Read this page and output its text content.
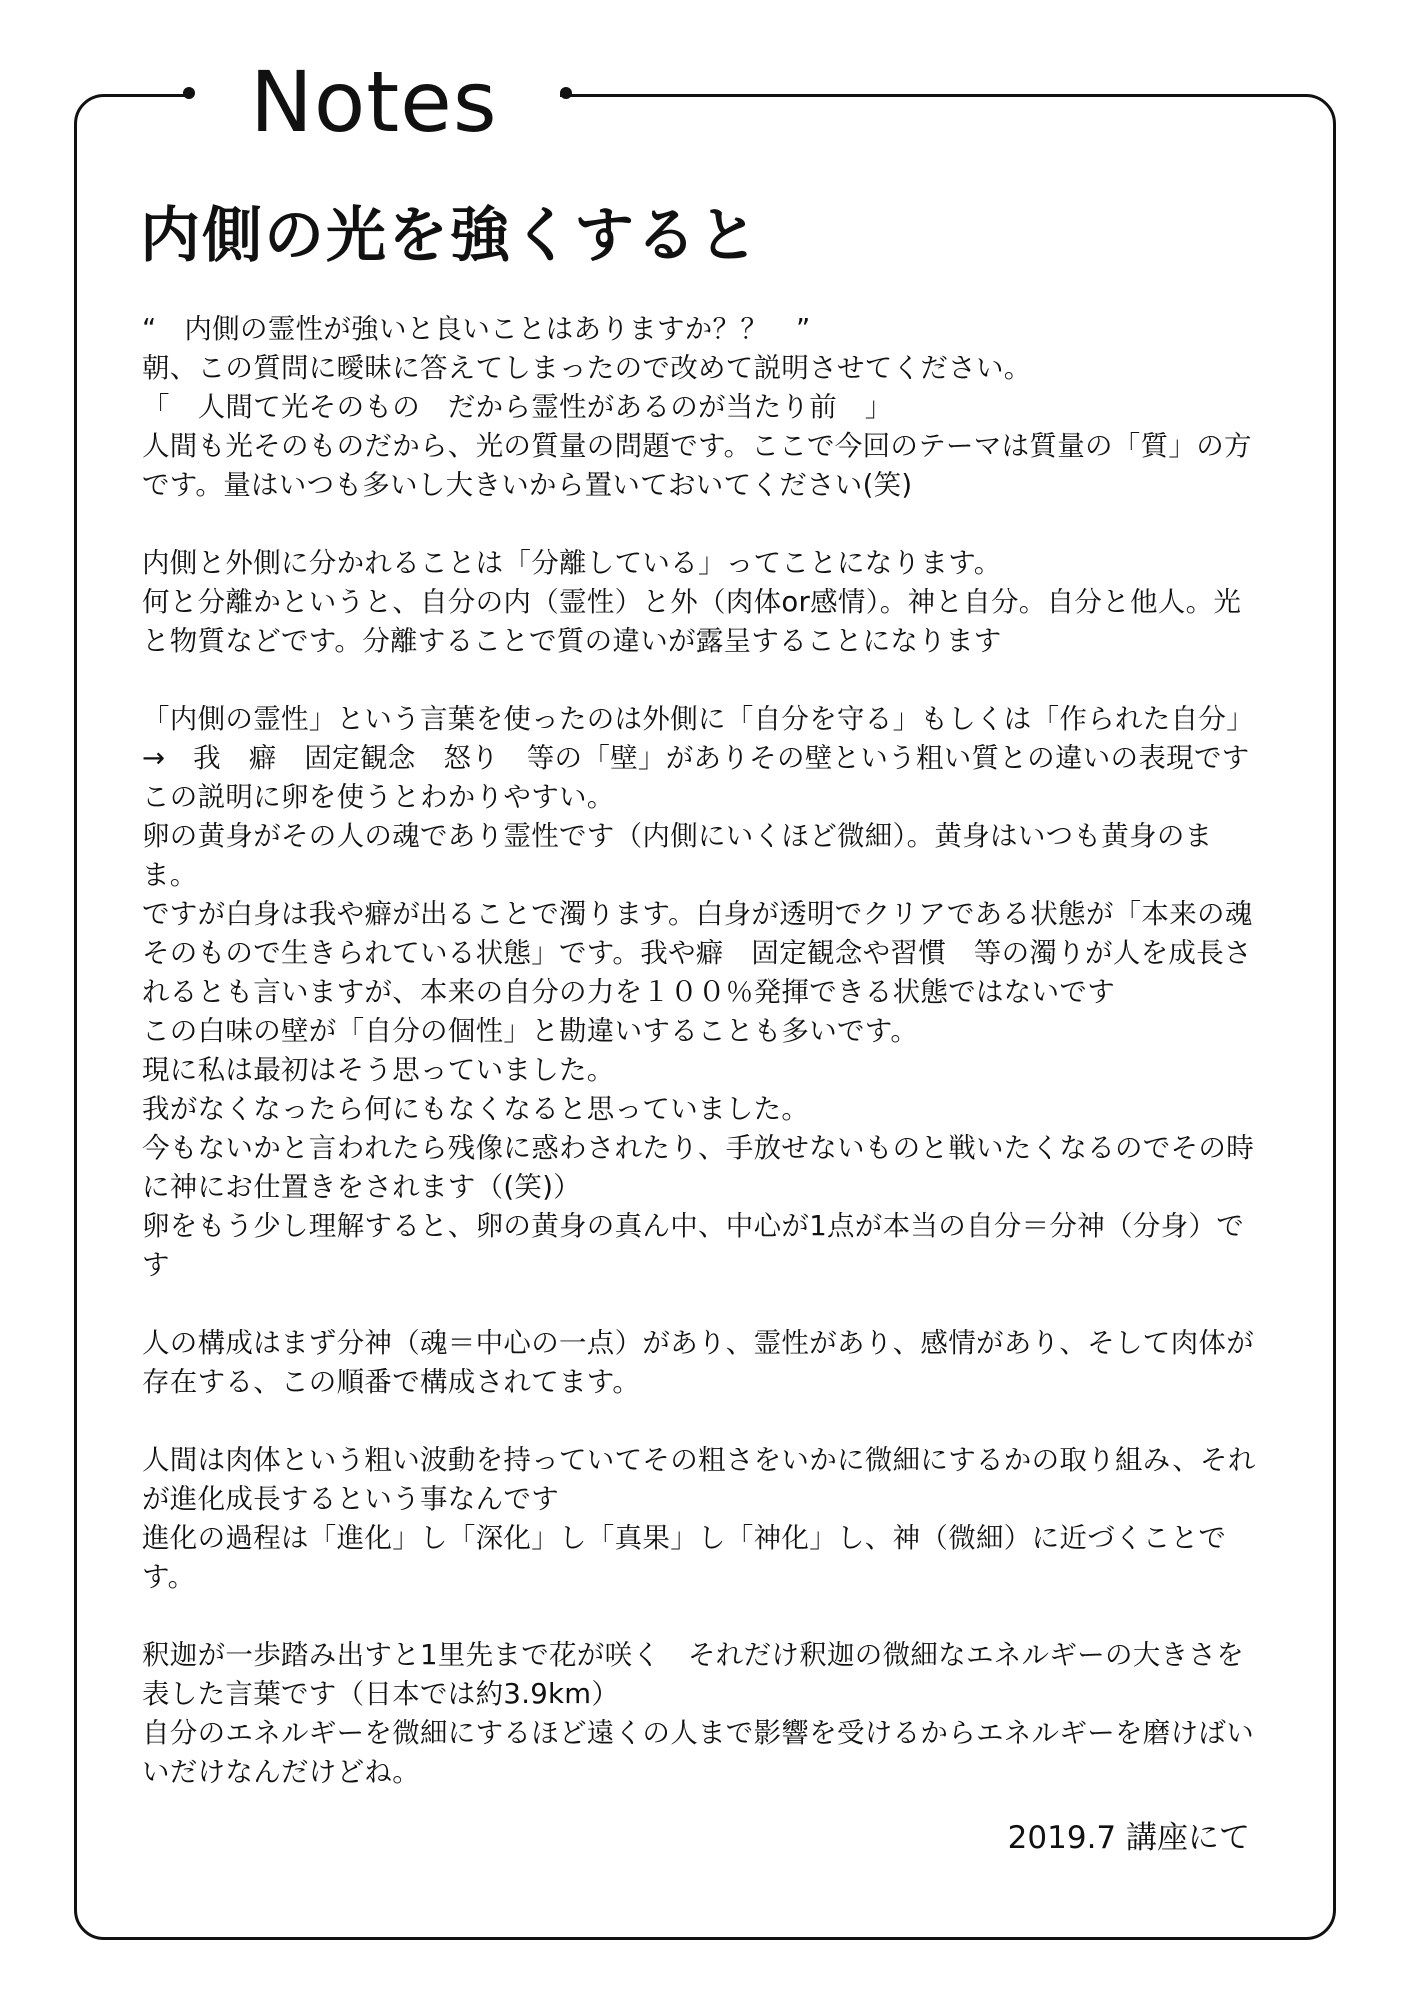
Notes
内側の光を強くすると
“　内側の霊性が強いと良いことはありますか？？　”
朝、この質問に曖昧に答えてしまったので改めて説明させてください。
「　人間て光そのもの　だから霊性があるのが当たり前　」
人間も光そのものだから、光の質量の問題です。ここで今回のテーマは質量の「質」の方
です。量はいつも多いし大きいから置いておいてください(笑)
内側と外側に分かれることは「分離している」ってことになります。
何と分離かというと、自分の内（霊性）と外（肉体or感情）。神と自分。自分と他人。光
と物質などです。分離することで質の違いが露呈することになります
「内側の霊性」という言葉を使ったのは外側に「自分を守る」もしくは「作られた自分」
→　我　癖　固定観念　怒り　等の「壁」がありその壁という粗い質との違いの表現です
この説明に卵を使うとわかりやすい。
卵の黄身がその人の魂であり霊性です（内側にいくほど微細）。黄身はいつも黄身のま
ま。
ですが白身は我や癖が出ることで濁ります。白身が透明でクリアである状態が「本来の魂
そのもので生きられている状態」です。我や癖　固定観念や習慣　等の濁りが人を成長さ
れるとも言いますが、本来の自分の力を１００％発揮できる状態ではないです
この白味の壁が「自分の個性」と勘違いすることも多いです。
現に私は最初はそう思っていました。
我がなくなったら何にもなくなると思っていました。
今もないかと言われたら残像に惑わされたり、手放せないものと戦いたくなるのでその時
に神にお仕置きをされます（(笑)）
卵をもう少し理解すると、卵の黄身の真ん中、中心が1点が本当の自分＝分神（分身）で
す
人の構成はまず分神（魂＝中心の一点）があり、霊性があり、感情があり、そして肉体が
存在する、この順番で構成されてます。
人間は肉体という粗い波動を持っていてその粗さをいかに微細にするかの取り組み、それ
が進化成長するという事なんです
進化の過程は「進化」し「深化」し「真果」し「神化」し、神（微細）に近づくことで
す。
釈迦が一歩踏み出すと1里先まで花が咲く　それだけ釈迦の微細なエネルギーの大きさを
表した言葉です（日本では約3.9km）
自分のエネルギーを微細にするほど遠くの人まで影響を受けるからエネルギーを磨けばい
いだけなんだけどね。

2019.7 講座にて
